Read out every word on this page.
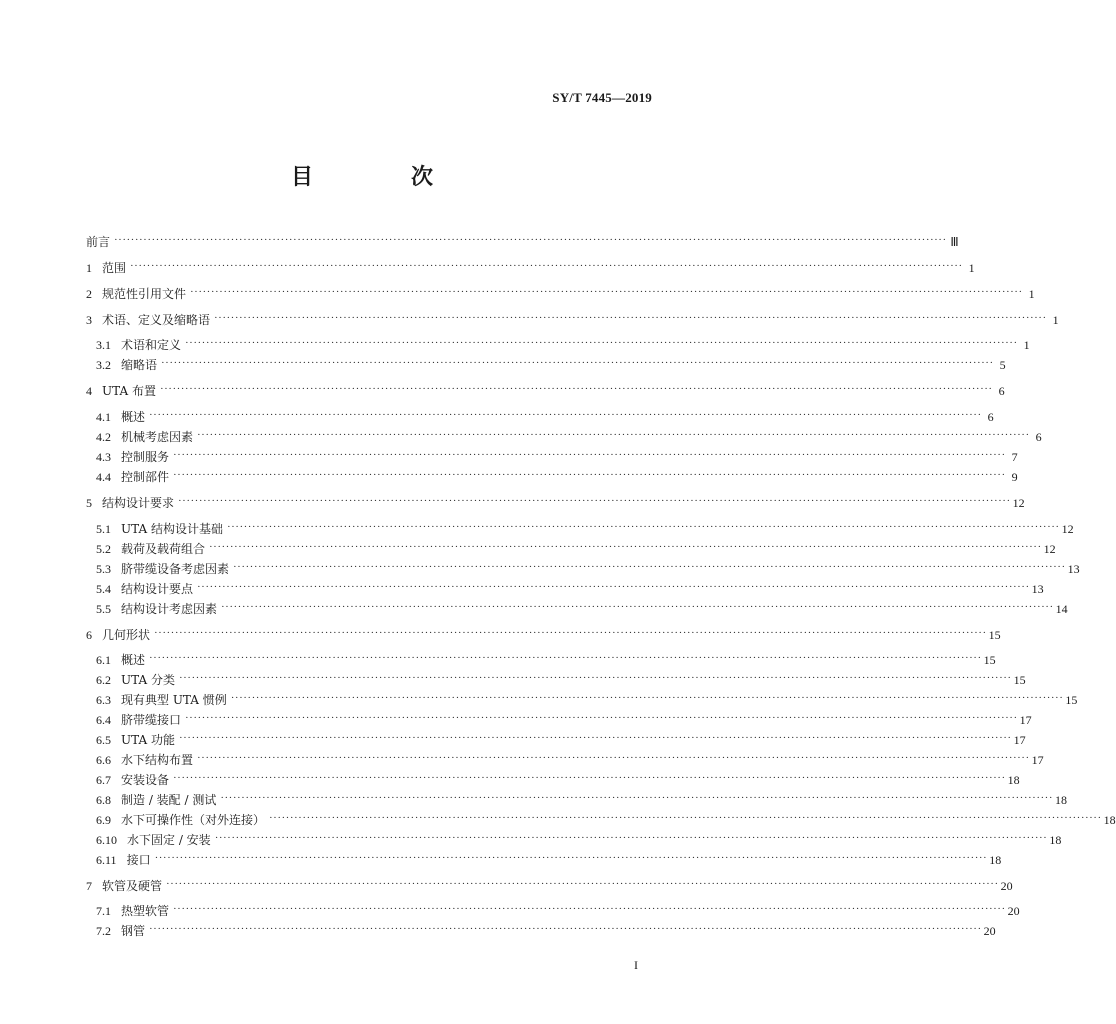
SY/T 7445—2019
目　次
前言 ········································································································································································································ Ⅲ
1 范围 ········································································································································································································ 1
2 规范性引用文件 ········································································································································································································ 1
3 术语、定义及缩略语 ········································································································································································································ 1
3.1 术语和定义 ········································································································································································································ 1
3.2 缩略语 ········································································································································································································ 5
4 UTA 布置 ········································································································································································································ 6
4.1 概述 ········································································································································································································ 6
4.2 机械考虑因素 ········································································································································································································ 6
4.3 控制服务 ········································································································································································································ 7
4.4 控制部件 ········································································································································································································ 9
5 结构设计要求 ········································································································································································································ 12
5.1 UTA 结构设计基础 ········································································································································································································ 12
5.2 载荷及载荷组合 ········································································································································································································ 12
5.3 脐带缆设备考虑因素 ········································································································································································································ 13
5.4 结构设计要点 ········································································································································································································ 13
5.5 结构设计考虑因素 ········································································································································································································ 14
6 几何形状 ········································································································································································································ 15
6.1 概述 ········································································································································································································ 15
6.2 UTA 分类 ········································································································································································································ 15
6.3 现有典型 UTA 惯例 ········································································································································································································ 15
6.4 脐带缆接口 ········································································································································································································ 17
6.5 UTA 功能 ········································································································································································································ 17
6.6 水下结构布置 ········································································································································································································ 17
6.7 安装设备 ········································································································································································································ 18
6.8 制造 / 装配 / 测试 ········································································································································································································ 18
6.9 水下可操作性（对外连接） ········································································································································································································ 18
6.10 水下固定 / 安装 ········································································································································································································ 18
6.11 接口 ········································································································································································································ 18
7 软管及硬管 ········································································································································································································ 20
7.1 热塑软管 ········································································································································································································ 20
7.2 钢管 ········································································································································································································ 20
I
